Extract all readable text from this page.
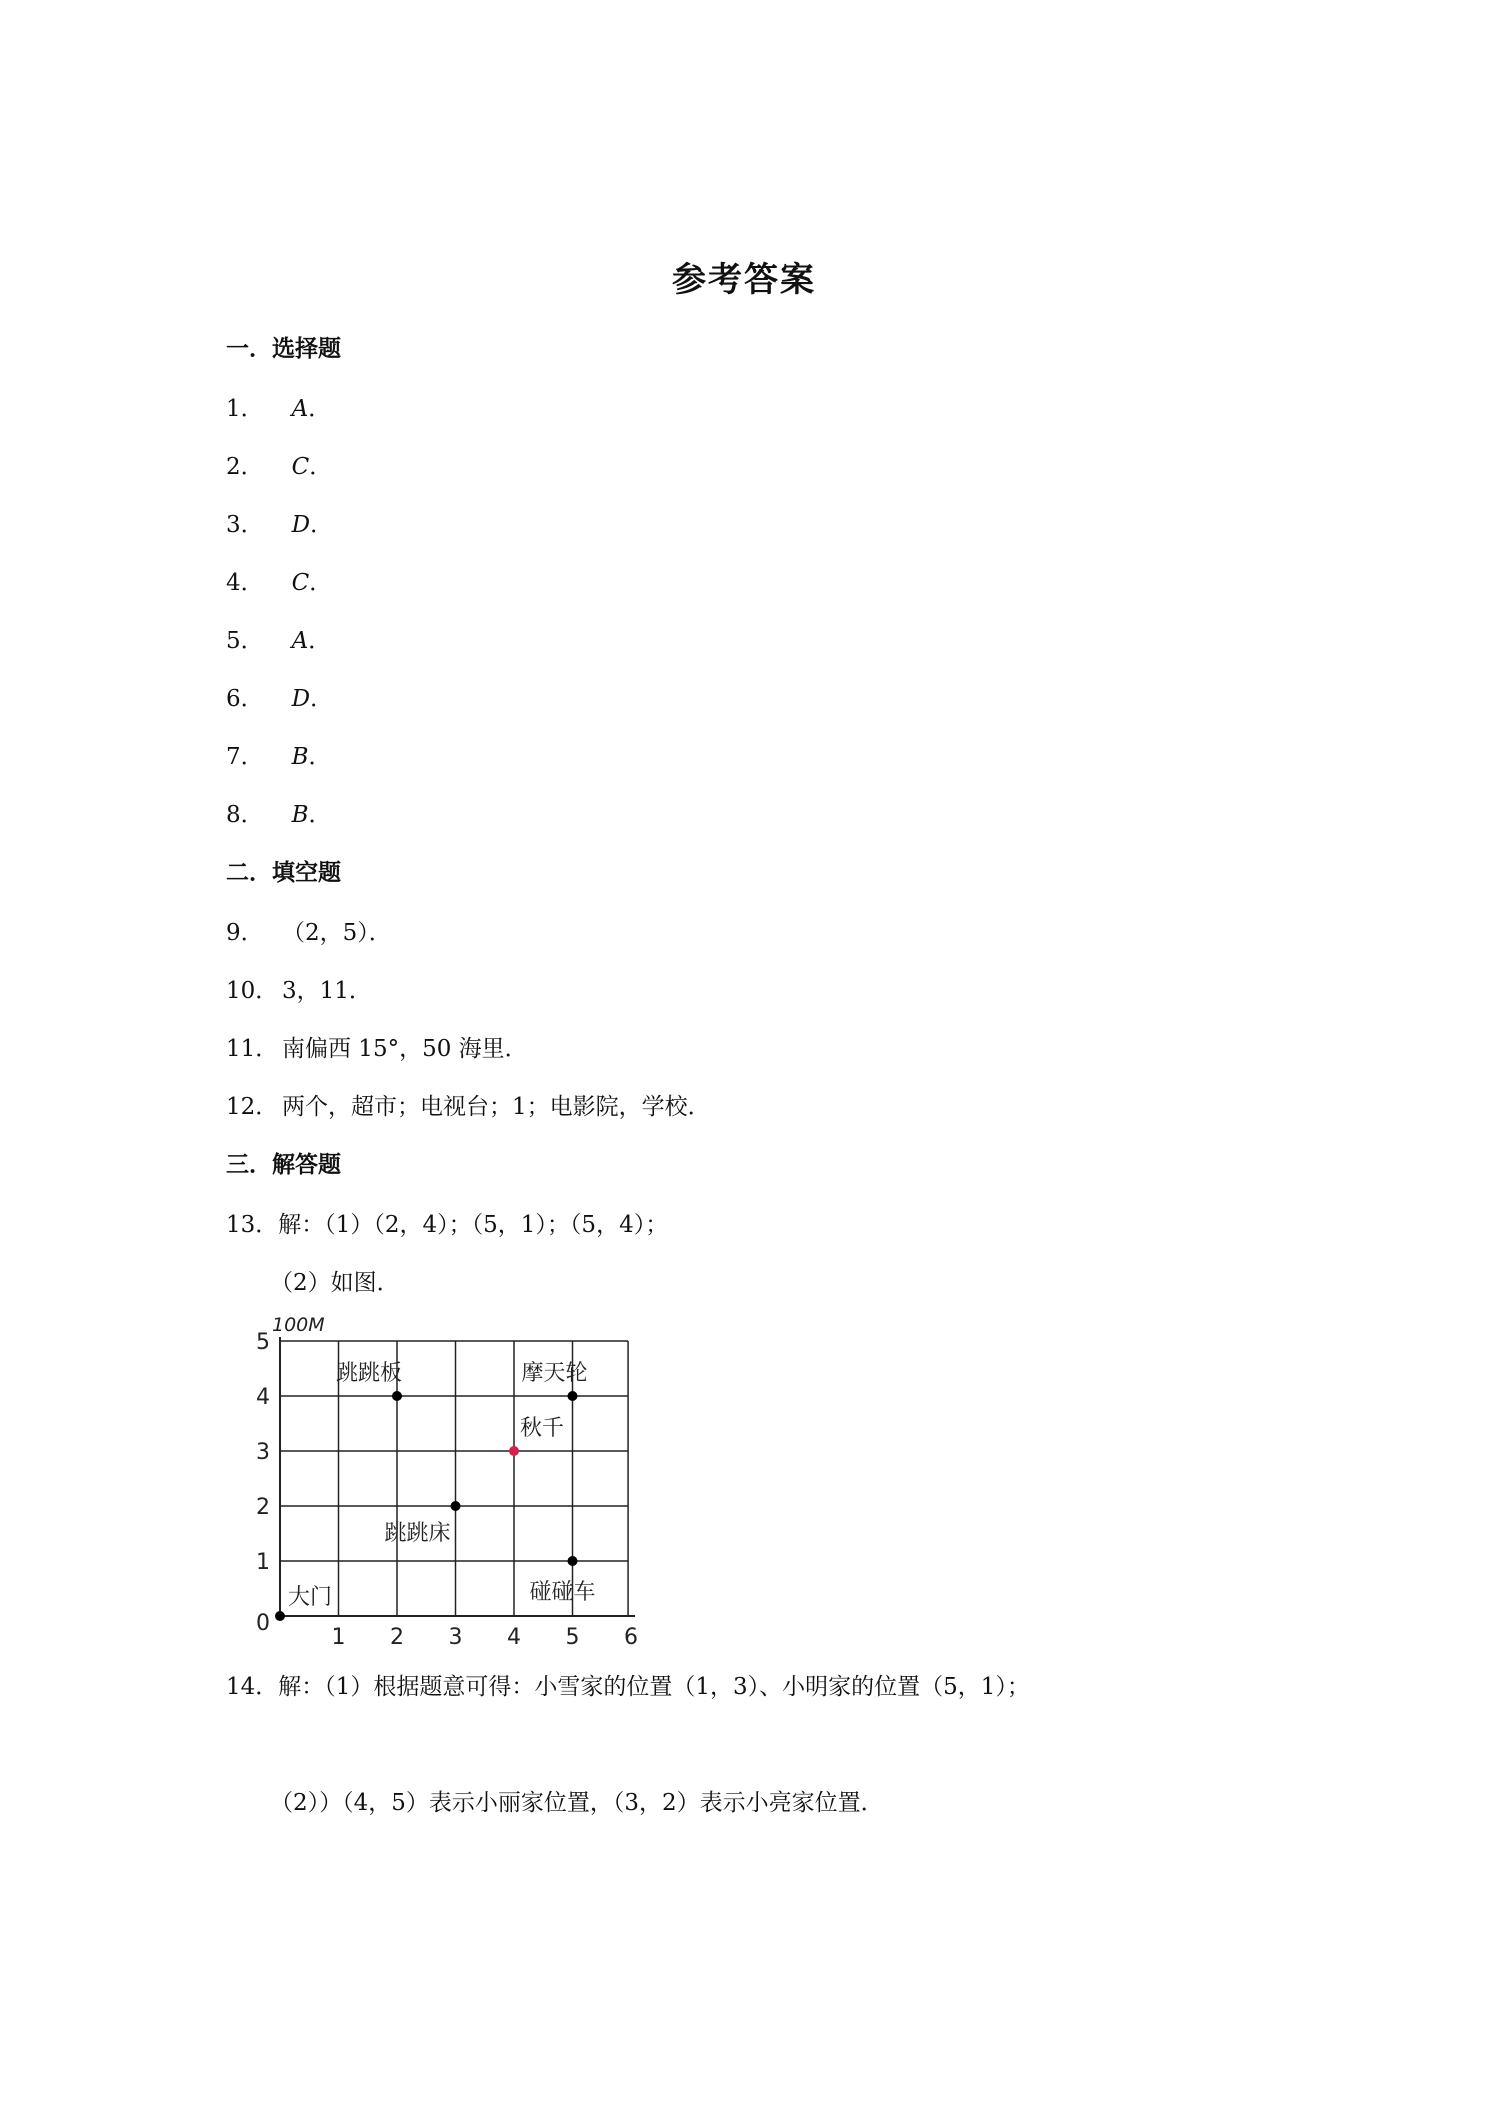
参考答案
一．选择题
1． A．
2． C．
3． D．
4． C．
5． A．
6． D．
7． B．
8． B．
二．填空题
9． （2，5）．
10． 3，11．
11． 南偏西 15°，50 海里．
12． 两个，超市；电视台；1；电影院，学校．
三．解答题
13．解：（1）（2，4）；（5，1）；（5，4）；
（2）如图．
1 2 3 4 5 6
1
2
3
4
5
0
100M
大门
跳跳板	摩天轮
秋千
跳跳床
碰碰车
14．解：（1）根据题意可得：小雪家的位置（1，3）、小明家的位置（5，1）；
（2））（4，5）表示小丽家位置，（3，2）表示小亮家位置．
